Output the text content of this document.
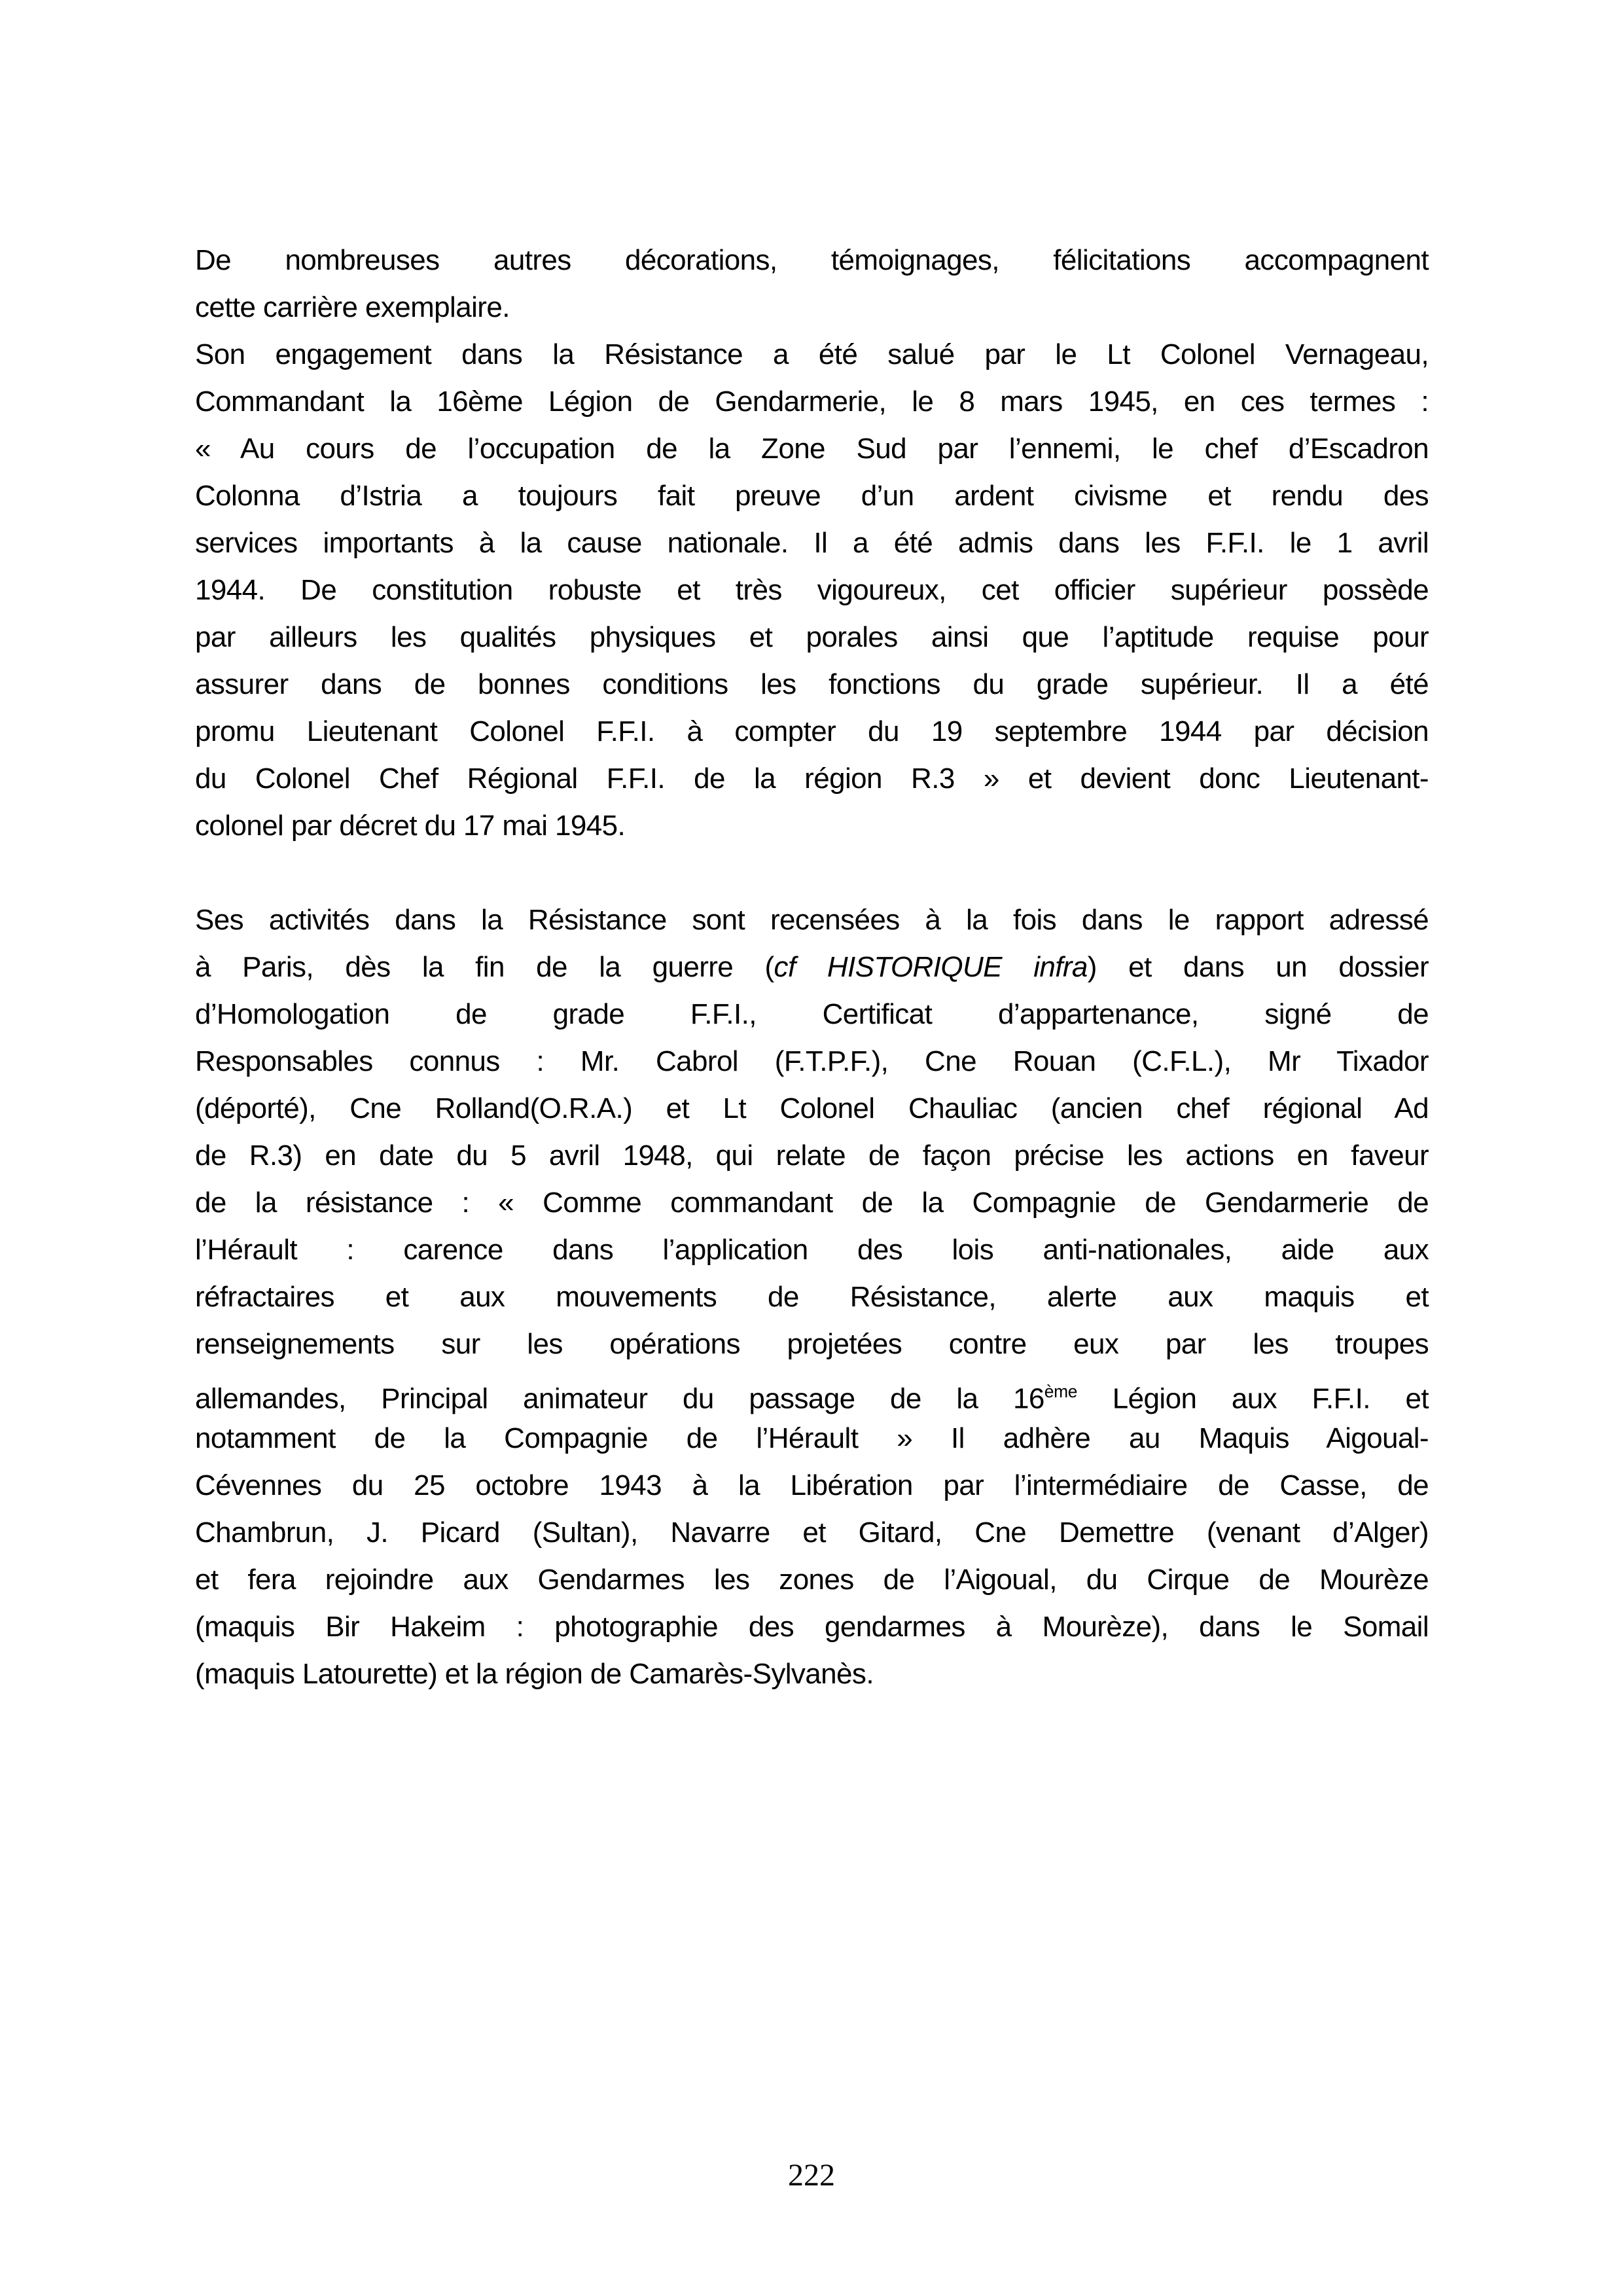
De nombreuses autres décorations, témoignages, félicitations accompagnent
cette carrière exemplaire.
Son engagement dans la Résistance a été salué par le Lt Colonel Vernageau,
Commandant la 16ème Légion de Gendarmerie, le 8 mars 1945, en ces termes :
« Au cours de l’occupation de la Zone Sud par l’ennemi, le chef d’Escadron
Colonna d’Istria a toujours fait preuve d’un ardent civisme et rendu des
services importants à la cause nationale. Il a été admis dans les F.F.I. le 1 avril
1944. De constitution robuste et très vigoureux, cet officier supérieur possède
par ailleurs les qualités physiques et porales ainsi que l’aptitude requise pour
assurer dans de bonnes conditions les fonctions du grade supérieur. Il a été
promu Lieutenant Colonel F.F.I. à compter du 19 septembre 1944 par décision
du Colonel Chef Régional F.F.I. de la région R.3 » et devient donc Lieutenant-
colonel par décret du 17 mai 1945.
Ses activités dans la Résistance sont recensées à la fois dans le rapport adressé
à Paris, dès la fin de la guerre (cf HISTORIQUE infra) et dans un dossier
d’Homologation de grade F.F.I., Certificat d’appartenance, signé de
Responsables connus : Mr. Cabrol (F.T.P.F.), Cne Rouan (C.F.L.), Mr Tixador
(déporté), Cne Rolland(O.R.A.) et Lt Colonel Chauliac (ancien chef régional Ad
de R.3) en date du 5 avril 1948, qui relate de façon précise les actions en faveur
de la résistance : « Comme commandant de la Compagnie de Gendarmerie de
l’Hérault : carence dans l’application des lois anti-nationales, aide aux
réfractaires et aux mouvements de Résistance, alerte aux maquis et
renseignements sur les opérations projetées contre eux par les troupes
allemandes, Principal animateur du passage de la 16ème Légion aux F.F.I. et
notamment de la Compagnie de l’Hérault » Il adhère au Maquis Aigoual-
Cévennes du 25 octobre 1943 à la Libération par l’intermédiaire de Casse, de
Chambrun, J. Picard (Sultan), Navarre et Gitard, Cne Demettre (venant d’Alger)
et fera rejoindre aux Gendarmes les zones de l’Aigoual, du Cirque de Mourèze
(maquis Bir Hakeim : photographie des gendarmes à Mourèze), dans le Somail
(maquis Latourette) et la région de Camarès-Sylvanès.
222
